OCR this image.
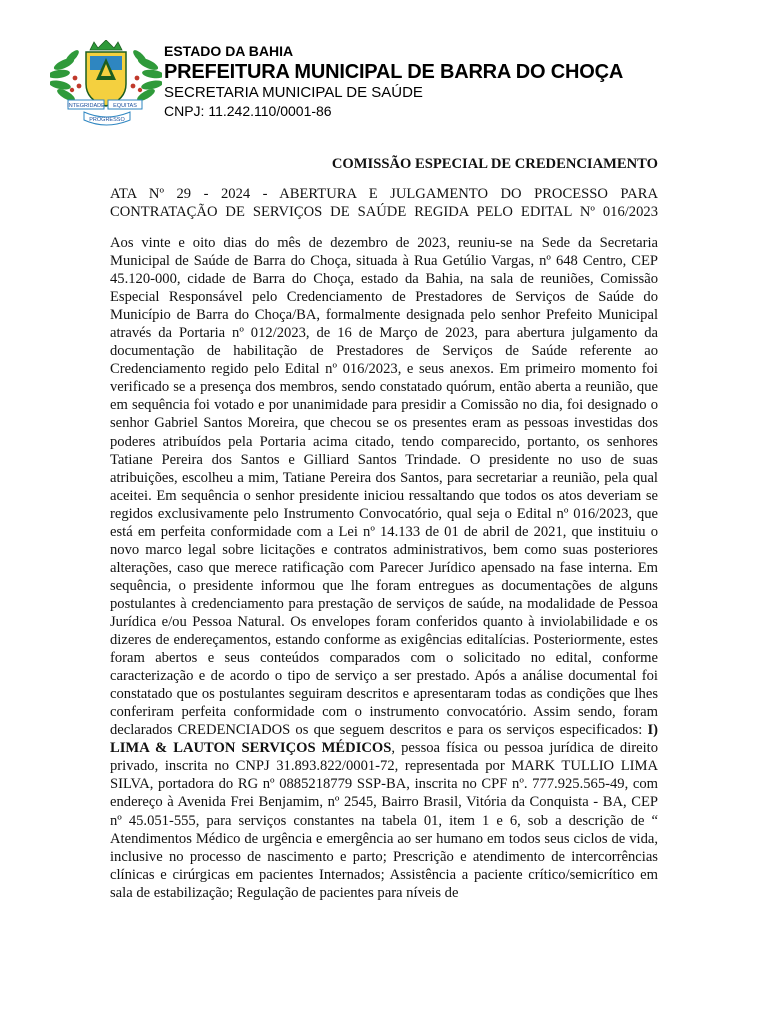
INTEGRIDADE EQUITAS
PROGRESSO
ESTADO DA BAHIA
PREFEITURA MUNICIPAL DE BARRA DO CHOÇA
SECRETARIA MUNICIPAL DE SAÚDE
CNPJ: 11.242.110/0001-86
COMISSÃO ESPECIAL DE CREDENCIAMENTO
ATA Nº 29 - 2024 - ABERTURA E JULGAMENTO DO PROCESSO PARA
CONTRATAÇÃO DE SERVIÇOS DE SAÚDE REGIDA PELO EDITAL Nº 016/2023

Aos vinte e oito dias do mês de dezembro de 2023, reuniu-se na Sede da Secretaria Municipal de Saúde de Barra do Choça, situada à Rua Getúlio Vargas, nº 648 Centro, CEP 45.120-000, cidade de Barra do Choça, estado da Bahia, na sala de reuniões, Comissão Especial Responsável pelo Credenciamento de Prestadores de Serviços de Saúde do Município de Barra do Choça/BA, formalmente designada pelo senhor Prefeito Municipal através da Portaria nº 012/2023, de 16 de Março de 2023, para abertura julgamento da documentação de habilitação de Prestadores de Serviços de Saúde referente ao Credenciamento regido pelo Edital nº 016/2023, e seus anexos. Em primeiro momento foi verificado se a presença dos membros, sendo constatado quórum, então aberta a reunião, que em sequência foi votado e por unanimidade para presidir a Comissão no dia, foi designado o senhor Gabriel Santos Moreira, que checou se os presentes eram as pessoas investidas dos poderes atribuídos pela Portaria acima citado, tendo comparecido, portanto, os senhores Tatiane Pereira dos Santos e Gilliard Santos Trindade. O presidente no uso de suas atribuições, escolheu a mim, Tatiane Pereira dos Santos, para secretariar a reunião, pela qual aceitei. Em sequência o senhor presidente iniciou ressaltando que todos os atos deveriam se regidos exclusivamente pelo Instrumento Convocatório, qual seja o Edital nº 016/2023, que está em perfeita conformidade com a Lei nº 14.133 de 01 de abril de 2021, que instituiu o novo marco legal sobre licitações e contratos administrativos, bem como suas posteriores alterações, caso que merece ratificação com Parecer Jurídico apensado na fase interna. Em sequência, o presidente informou que lhe foram entregues as documentações de alguns postulantes à credenciamento para prestação de serviços de saúde, na modalidade de Pessoa Jurídica e/ou Pessoa Natural. Os envelopes foram conferidos quanto à inviolabilidade e os dizeres de endereçamentos, estando conforme as exigências editalícias. Posteriormente, estes foram abertos e seus conteúdos comparados com o solicitado no edital, conforme caracterização e de acordo o tipo de serviço a ser prestado. Após a análise documental foi constatado que os postulantes seguiram descritos e apresentaram todas as condições que lhes conferiram perfeita conformidade com o instrumento convocatório. Assim sendo, foram declarados CREDENCIADOS os que seguem descritos e para os serviços especificados: I) LIMA & LAUTON SERVIÇOS MÉDICOS, pessoa física ou pessoa jurídica de direito privado, inscrita no CNPJ 31.893.822/0001-72, representada por MARK TULLIO LIMA SILVA, portadora do RG nº 0885218779 SSP-BA, inscrita no CPF nº. 777.925.565-49, com endereço à Avenida Frei Benjamim, nº 2545, Bairro Brasil, Vitória da Conquista - BA, CEP nº 45.051-555, para serviços constantes na tabela 01, item 1 e 6, sob a descrição de “ Atendimentos Médico de urgência e emergência ao ser humano em todos seus ciclos de vida, inclusive no processo de nascimento e parto; Prescrição e atendimento de intercorrências clínicas e cirúrgicas em pacientes Internados; Assistência a paciente crítico/semicrítico em sala de estabilização; Regulação de pacientes para níveis de
